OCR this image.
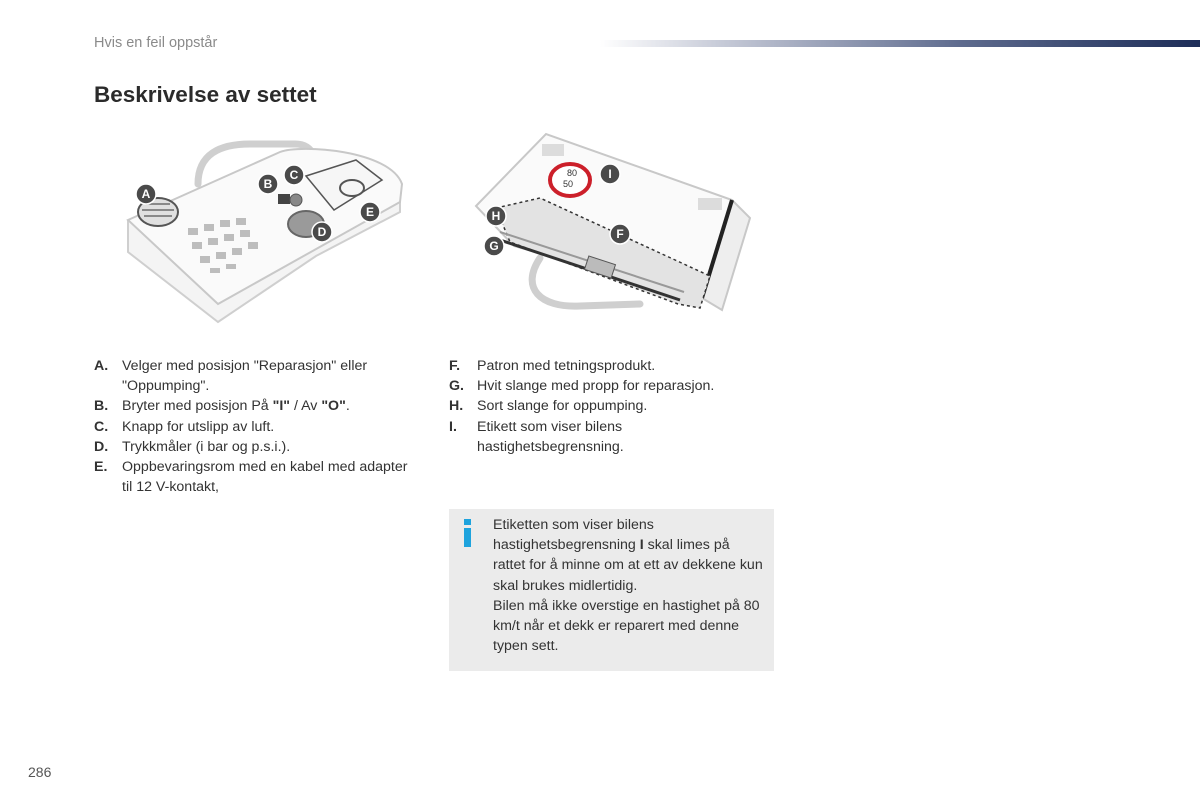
Hvis en feil oppstår
Beskrivelse av settet
A
B
C
D
E
80
50
I
H
F
G
A. Velger med posisjon "Reparasjon" eller "Oppumping".
B. Bryter med posisjon På "I" / Av "O".
C. Knapp for utslipp av luft.
D. Trykkmåler (i bar og p.s.i.).
E.	Oppbevaringsrom med en kabel med adapter til 12 V-kontakt,
F.	Patron med tetningsprodukt.
G. Hvit slange med propp for reparasjon.
H. Sort slange for oppumping.
I.	Etikett som viser bilens hastighetsbegrensning.
Etiketten som viser bilens hastighetsbegrensning I skal limes på rattet for å minne om at ett av dekkene kun skal brukes midlertidig.
Bilen må ikke overstige en hastighet på 80 km/t når et dekk er reparert med denne typen sett.
286
